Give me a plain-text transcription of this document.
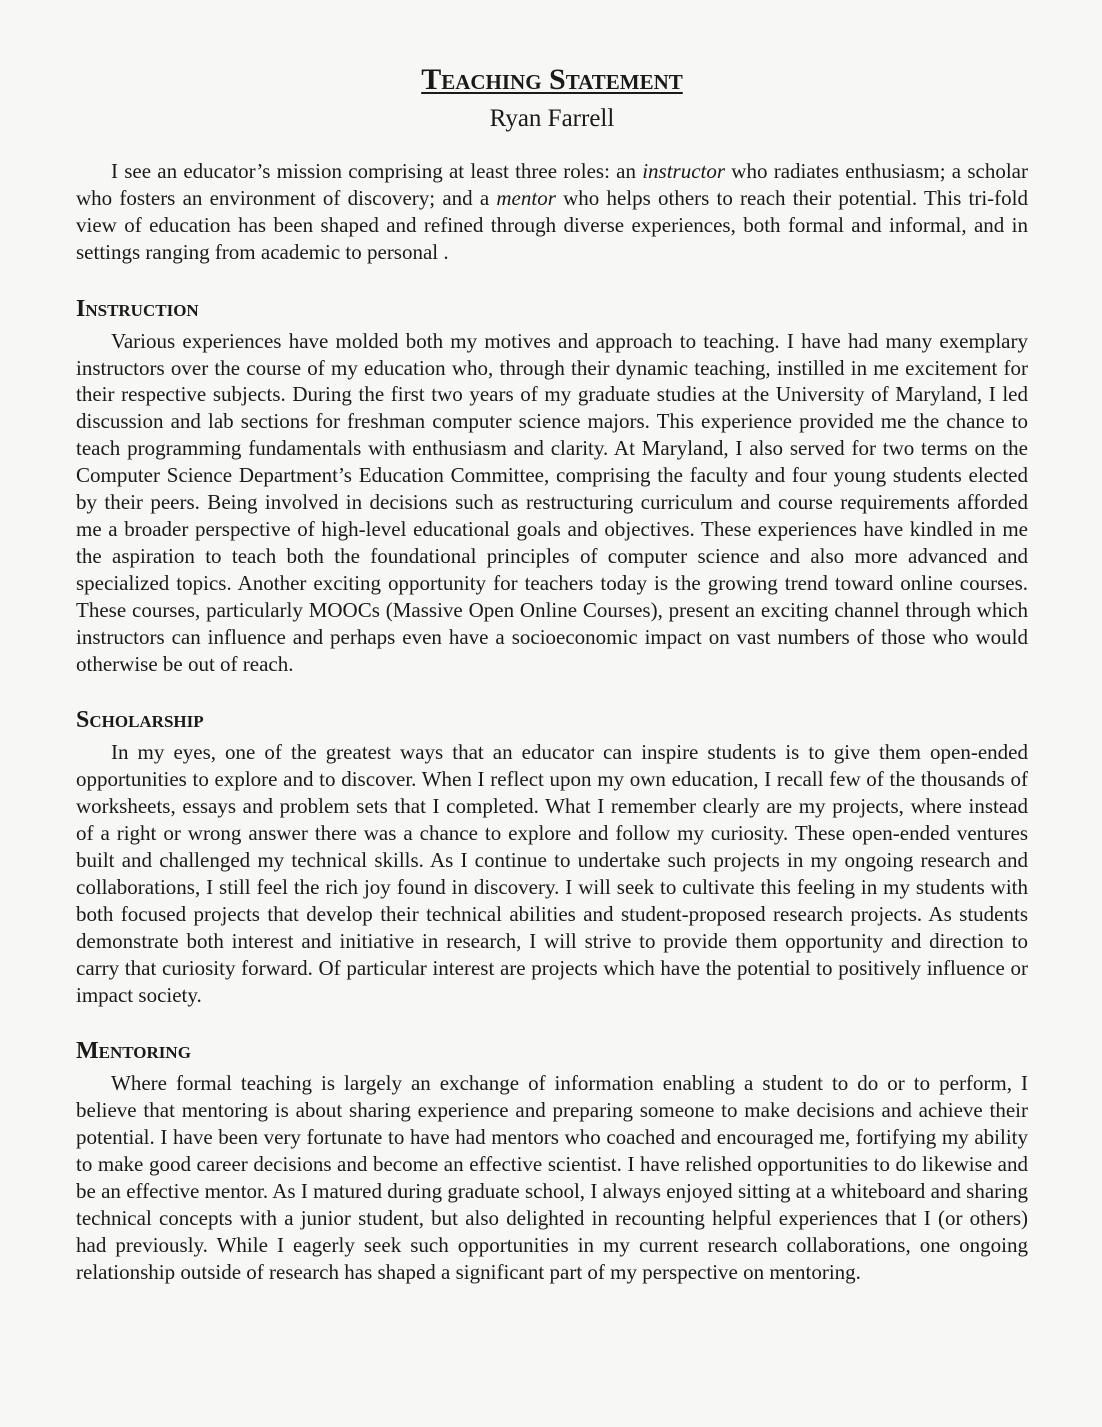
Teaching Statement
Ryan Farrell

I see an educator’s mission comprising at least three roles: an instructor who radiates enthusiasm; a scholar who fosters an environment of discovery; and a mentor who helps others to reach their potential. This tri-fold view of education has been shaped and refined through diverse experiences, both formal and informal, and in settings ranging from academic to personal .

Instruction

Various experiences have molded both my motives and approach to teaching. I have had many exemplary instructors over the course of my education who, through their dynamic teaching, instilled in me excitement for their respective subjects. During the first two years of my graduate studies at the University of Maryland, I led discussion and lab sections for freshman computer science majors. This experience provided me the chance to teach programming fundamentals with enthusiasm and clarity. At Maryland, I also served for two terms on the Computer Science Department’s Education Committee, comprising the faculty and four young students elected by their peers. Being involved in decisions such as restructuring curriculum and course requirements afforded me a broader perspective of high-level educational goals and objectives. These experiences have kindled in me the aspiration to teach both the foundational principles of computer science and also more advanced and specialized topics. Another exciting opportunity for teachers today is the growing trend toward online courses. These courses, particularly MOOCs (Massive Open Online Courses), present an exciting channel through which instructors can influence and perhaps even have a socioeconomic impact on vast numbers of those who would otherwise be out of reach.

Scholarship

In my eyes, one of the greatest ways that an educator can inspire students is to give them open-ended opportunities to explore and to discover. When I reflect upon my own education, I recall few of the thousands of worksheets, essays and problem sets that I completed. What I remember clearly are my projects, where instead of a right or wrong answer there was a chance to explore and follow my curiosity. These open-ended ventures built and challenged my technical skills. As I continue to undertake such projects in my ongoing research and collaborations, I still feel the rich joy found in discovery. I will seek to cultivate this feeling in my students with both focused projects that develop their technical abilities and student-proposed research projects. As students demonstrate both interest and initiative in research, I will strive to provide them opportunity and direction to carry that curiosity forward. Of particular interest are projects which have the potential to positively influence or impact society.

Mentoring

Where formal teaching is largely an exchange of information enabling a student to do or to perform, I believe that mentoring is about sharing experience and preparing someone to make decisions and achieve their potential. I have been very fortunate to have had mentors who coached and encouraged me, fortifying my ability to make good career decisions and become an effective scientist. I have relished opportunities to do likewise and be an effective mentor. As I matured during graduate school, I always enjoyed sitting at a whiteboard and sharing technical concepts with a junior student, but also delighted in recounting helpful experiences that I (or others) had previously. While I eagerly seek such opportunities in my current research collaborations, one ongoing relationship outside of research has shaped a significant part of my perspective on mentoring.
